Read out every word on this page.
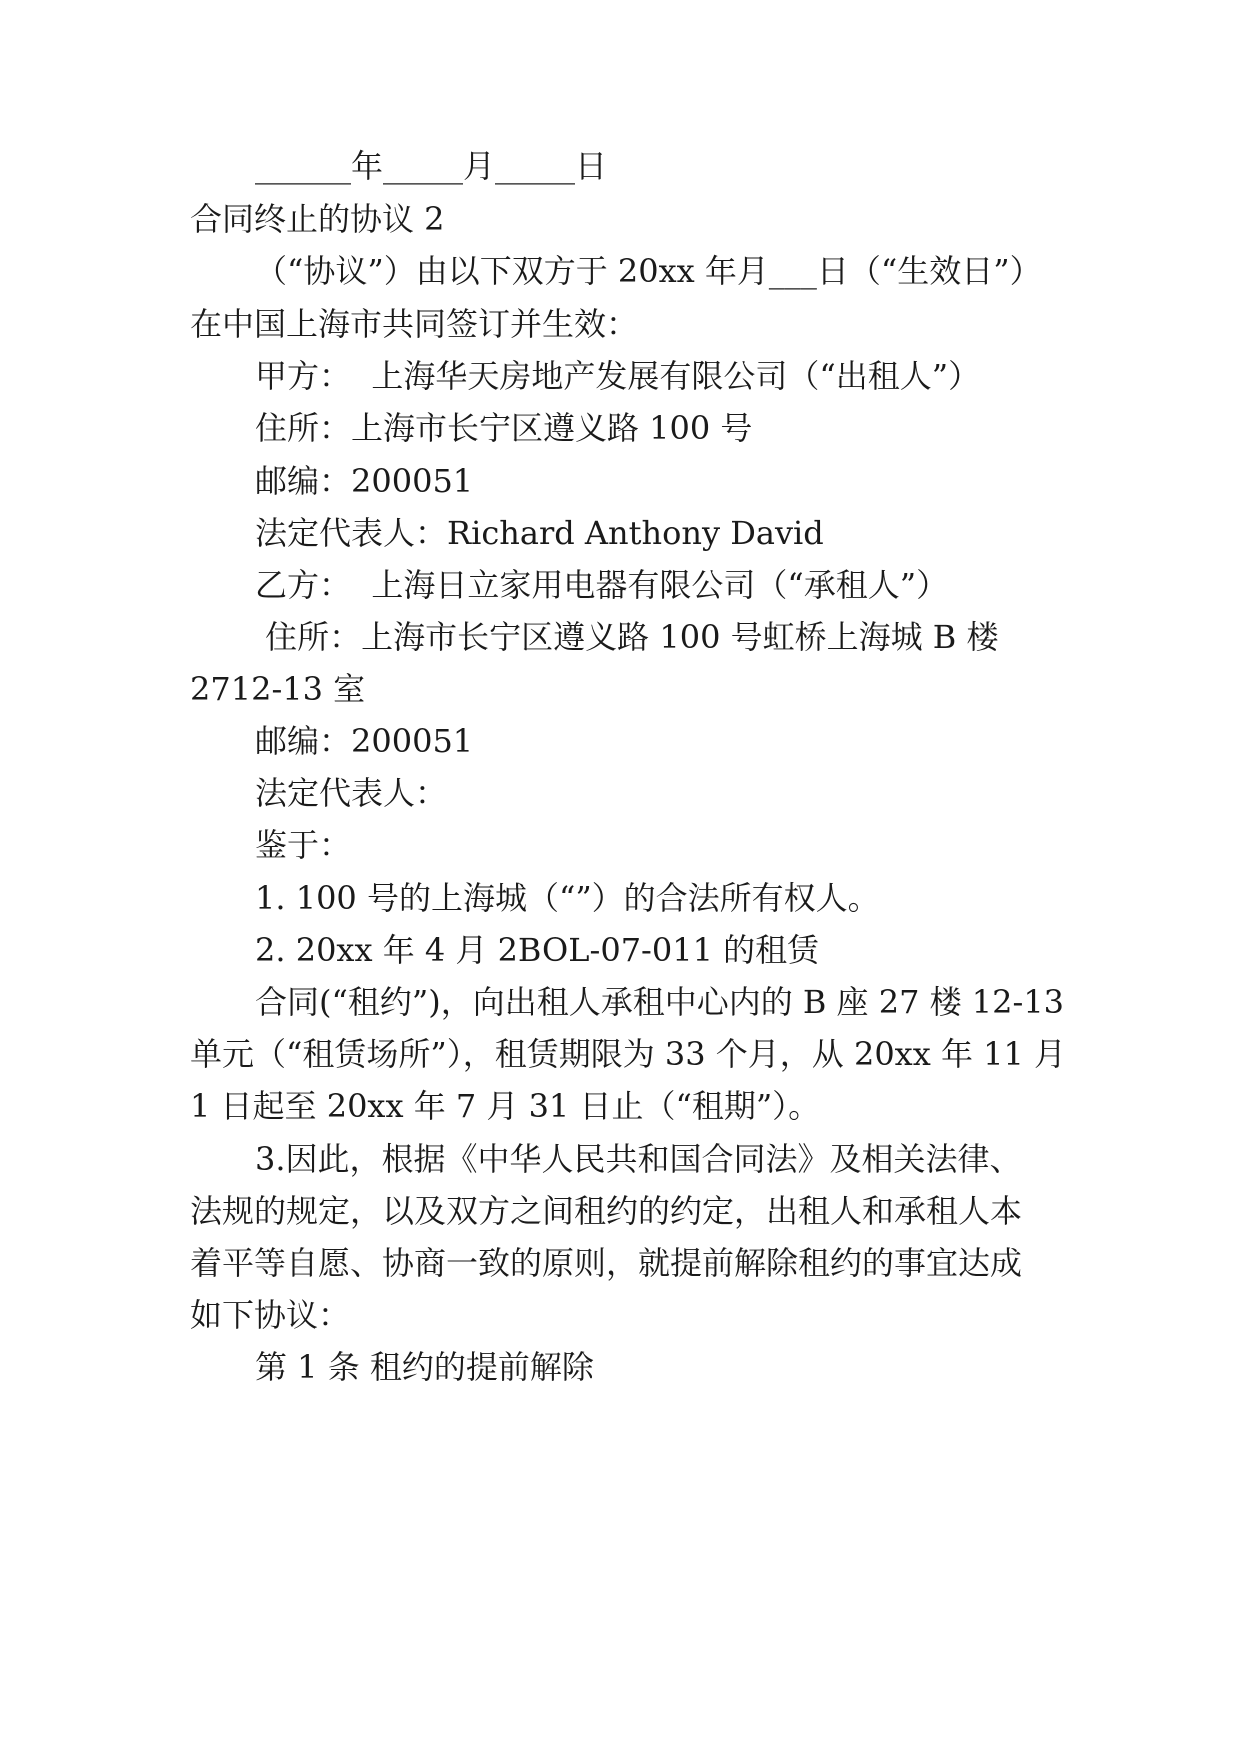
______年_____月_____日
合同终止的协议 2
（“协议”）由以下双方于 20xx 年月___日（“生效日”）
在中国上海市共同签订并生效：
甲方：  上海华天房地产发展有限公司（“出租人”）
住所：上海市长宁区遵义路 100 号
邮编：200051
法定代表人：Richard Anthony David
乙方：  上海日立家用电器有限公司（“承租人”）
住所：上海市长宁区遵义路 100 号虹桥上海城 B 楼
2712-13 室
邮编：200051
法定代表人：
鉴于：
1. 100 号的上海城（“”）的合法所有权人。
2. 20xx 年 4 月 2BOL-07-011 的租赁
合同(“租约”)，向出租人承租中心内的 B 座 27 楼 12-13
单元（“租赁场所”），租赁期限为 33 个月，从 20xx 年 11 月
1 日起至 20xx 年 7 月 31 日止（“租期”）。
3.因此，根据《中华人民共和国合同法》及相关法律、
法规的规定，以及双方之间租约的约定，出租人和承租人本
着平等自愿、协商一致的原则，就提前解除租约的事宜达成
如下协议：
第 1 条 租约的提前解除
